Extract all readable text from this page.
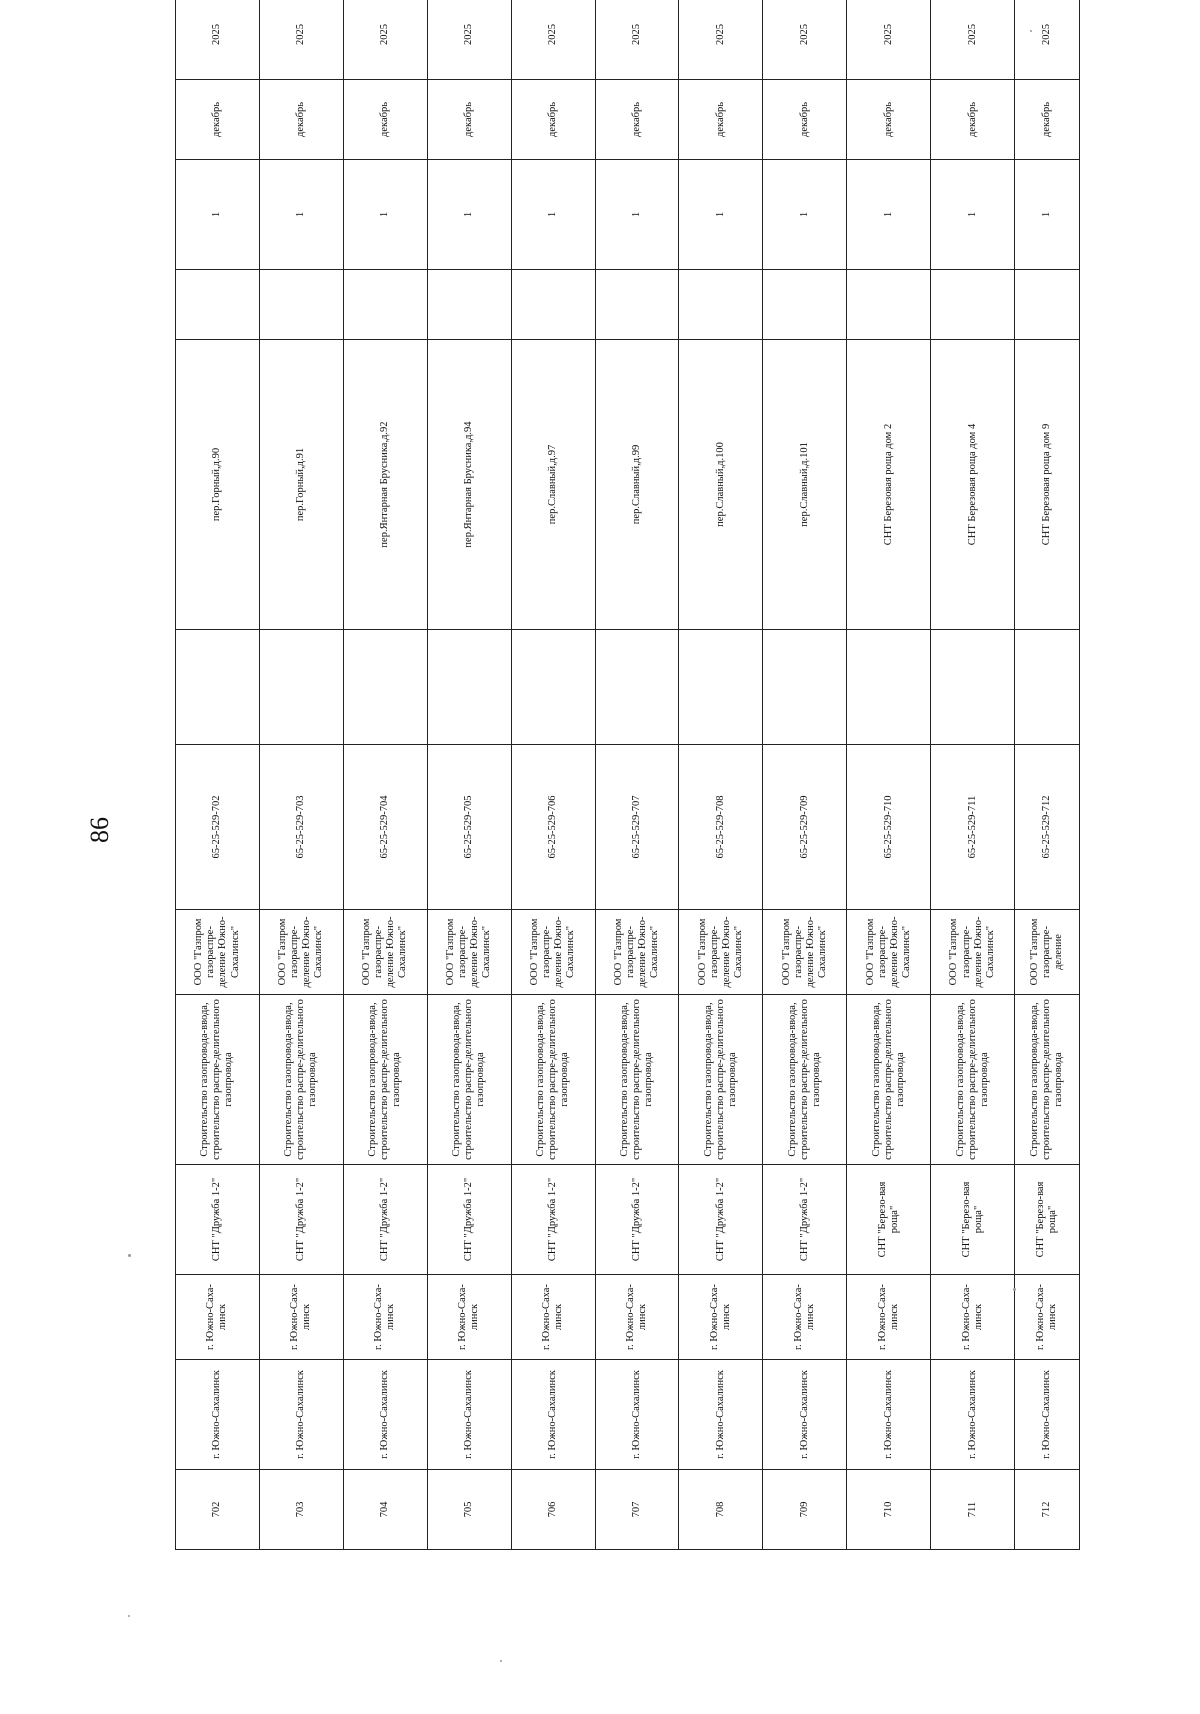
86
702	г. Южно-Сахалинск	г. Южно-Саха-линск	СНТ "Дружба 1-2"	Строительство газопровода-ввода, строительство распре-делительного газопровода	ООО "Газпром газораспре-деление Южно-Сахалинск"	65-25-529-702		пер.Горный,д.90		1	декабрь	2025
703	г. Южно-Сахалинск	г. Южно-Саха-линск	СНТ "Дружба 1-2"	Строительство газопровода-ввода, строительство распре-делительного газопровода	ООО "Газпром газораспре-деление Южно-Сахалинск"	65-25-529-703		пер.Горный,д.91		1	декабрь	2025
704	г. Южно-Сахалинск	г. Южно-Саха-линск	СНТ "Дружба 1-2"	Строительство газопровода-ввода, строительство распре-делительного газопровода	ООО "Газпром газораспре-деление Южно-Сахалинск"	65-25-529-704		пер.Янтарная Брусника,д.92		1	декабрь	2025
705	г. Южно-Сахалинск	г. Южно-Саха-линск	СНТ "Дружба 1-2"	Строительство газопровода-ввода, строительство распре-делительного газопровода	ООО "Газпром газораспре-деление Южно-Сахалинск"	65-25-529-705		пер.Янтарная Брусника,д.94		1	декабрь	2025
706	г. Южно-Сахалинск	г. Южно-Саха-линск	СНТ "Дружба 1-2"	Строительство газопровода-ввода, строительство распре-делительного газопровода	ООО "Газпром газораспре-деление Южно-Сахалинск"	65-25-529-706		пер.Славный,д.97		1	декабрь	2025
707	г. Южно-Сахалинск	г. Южно-Саха-линск	СНТ "Дружба 1-2"	Строительство газопровода-ввода, строительство распре-делительного газопровода	ООО "Газпром газораспре-деление Южно-Сахалинск"	65-25-529-707		пер.Славный,д.99		1	декабрь	2025
708	г. Южно-Сахалинск	г. Южно-Саха-линск	СНТ "Дружба 1-2"	Строительство газопровода-ввода, строительство распре-делительного газопровода	ООО "Газпром газораспре-деление Южно-Сахалинск"	65-25-529-708		пер.Славный,д.100		1	декабрь	2025
709	г. Южно-Сахалинск	г. Южно-Саха-линск	СНТ "Дружба 1-2"	Строительство газопровода-ввода, строительство распре-делительного газопровода	ООО "Газпром газораспре-деление Южно-Сахалинск"	65-25-529-709		пер.Славный,д.101		1	декабрь	2025
710	г. Южно-Сахалинск	г. Южно-Саха-линск	СНТ "Березо-вая роща"	Строительство газопровода-ввода, строительство распре-делительного газопровода	ООО "Газпром газораспре-деление Южно-Сахалинск"	65-25-529-710		СНТ Березовая роща дом 2		1	декабрь	2025
711	г. Южно-Сахалинск	г. Южно-Саха-линск	СНТ "Березо-вая роща"	Строительство газопровода-ввода, строительство распре-делительного газопровода	ООО "Газпром газораспре-деление Южно-Сахалинск"	65-25-529-711		СНТ Березовая роща дом 4		1	декабрь	2025
712	г. Южно-Сахалинск	г. Южно-Саха-линск	СНТ "Березо-вая роща"	Строительство газопровода-ввода, строительство распре-делительного газопровода	ООО "Газпром газораспре-деление	65-25-529-712		СНТ Березовая роща дом 9		1	декабрь	2025
